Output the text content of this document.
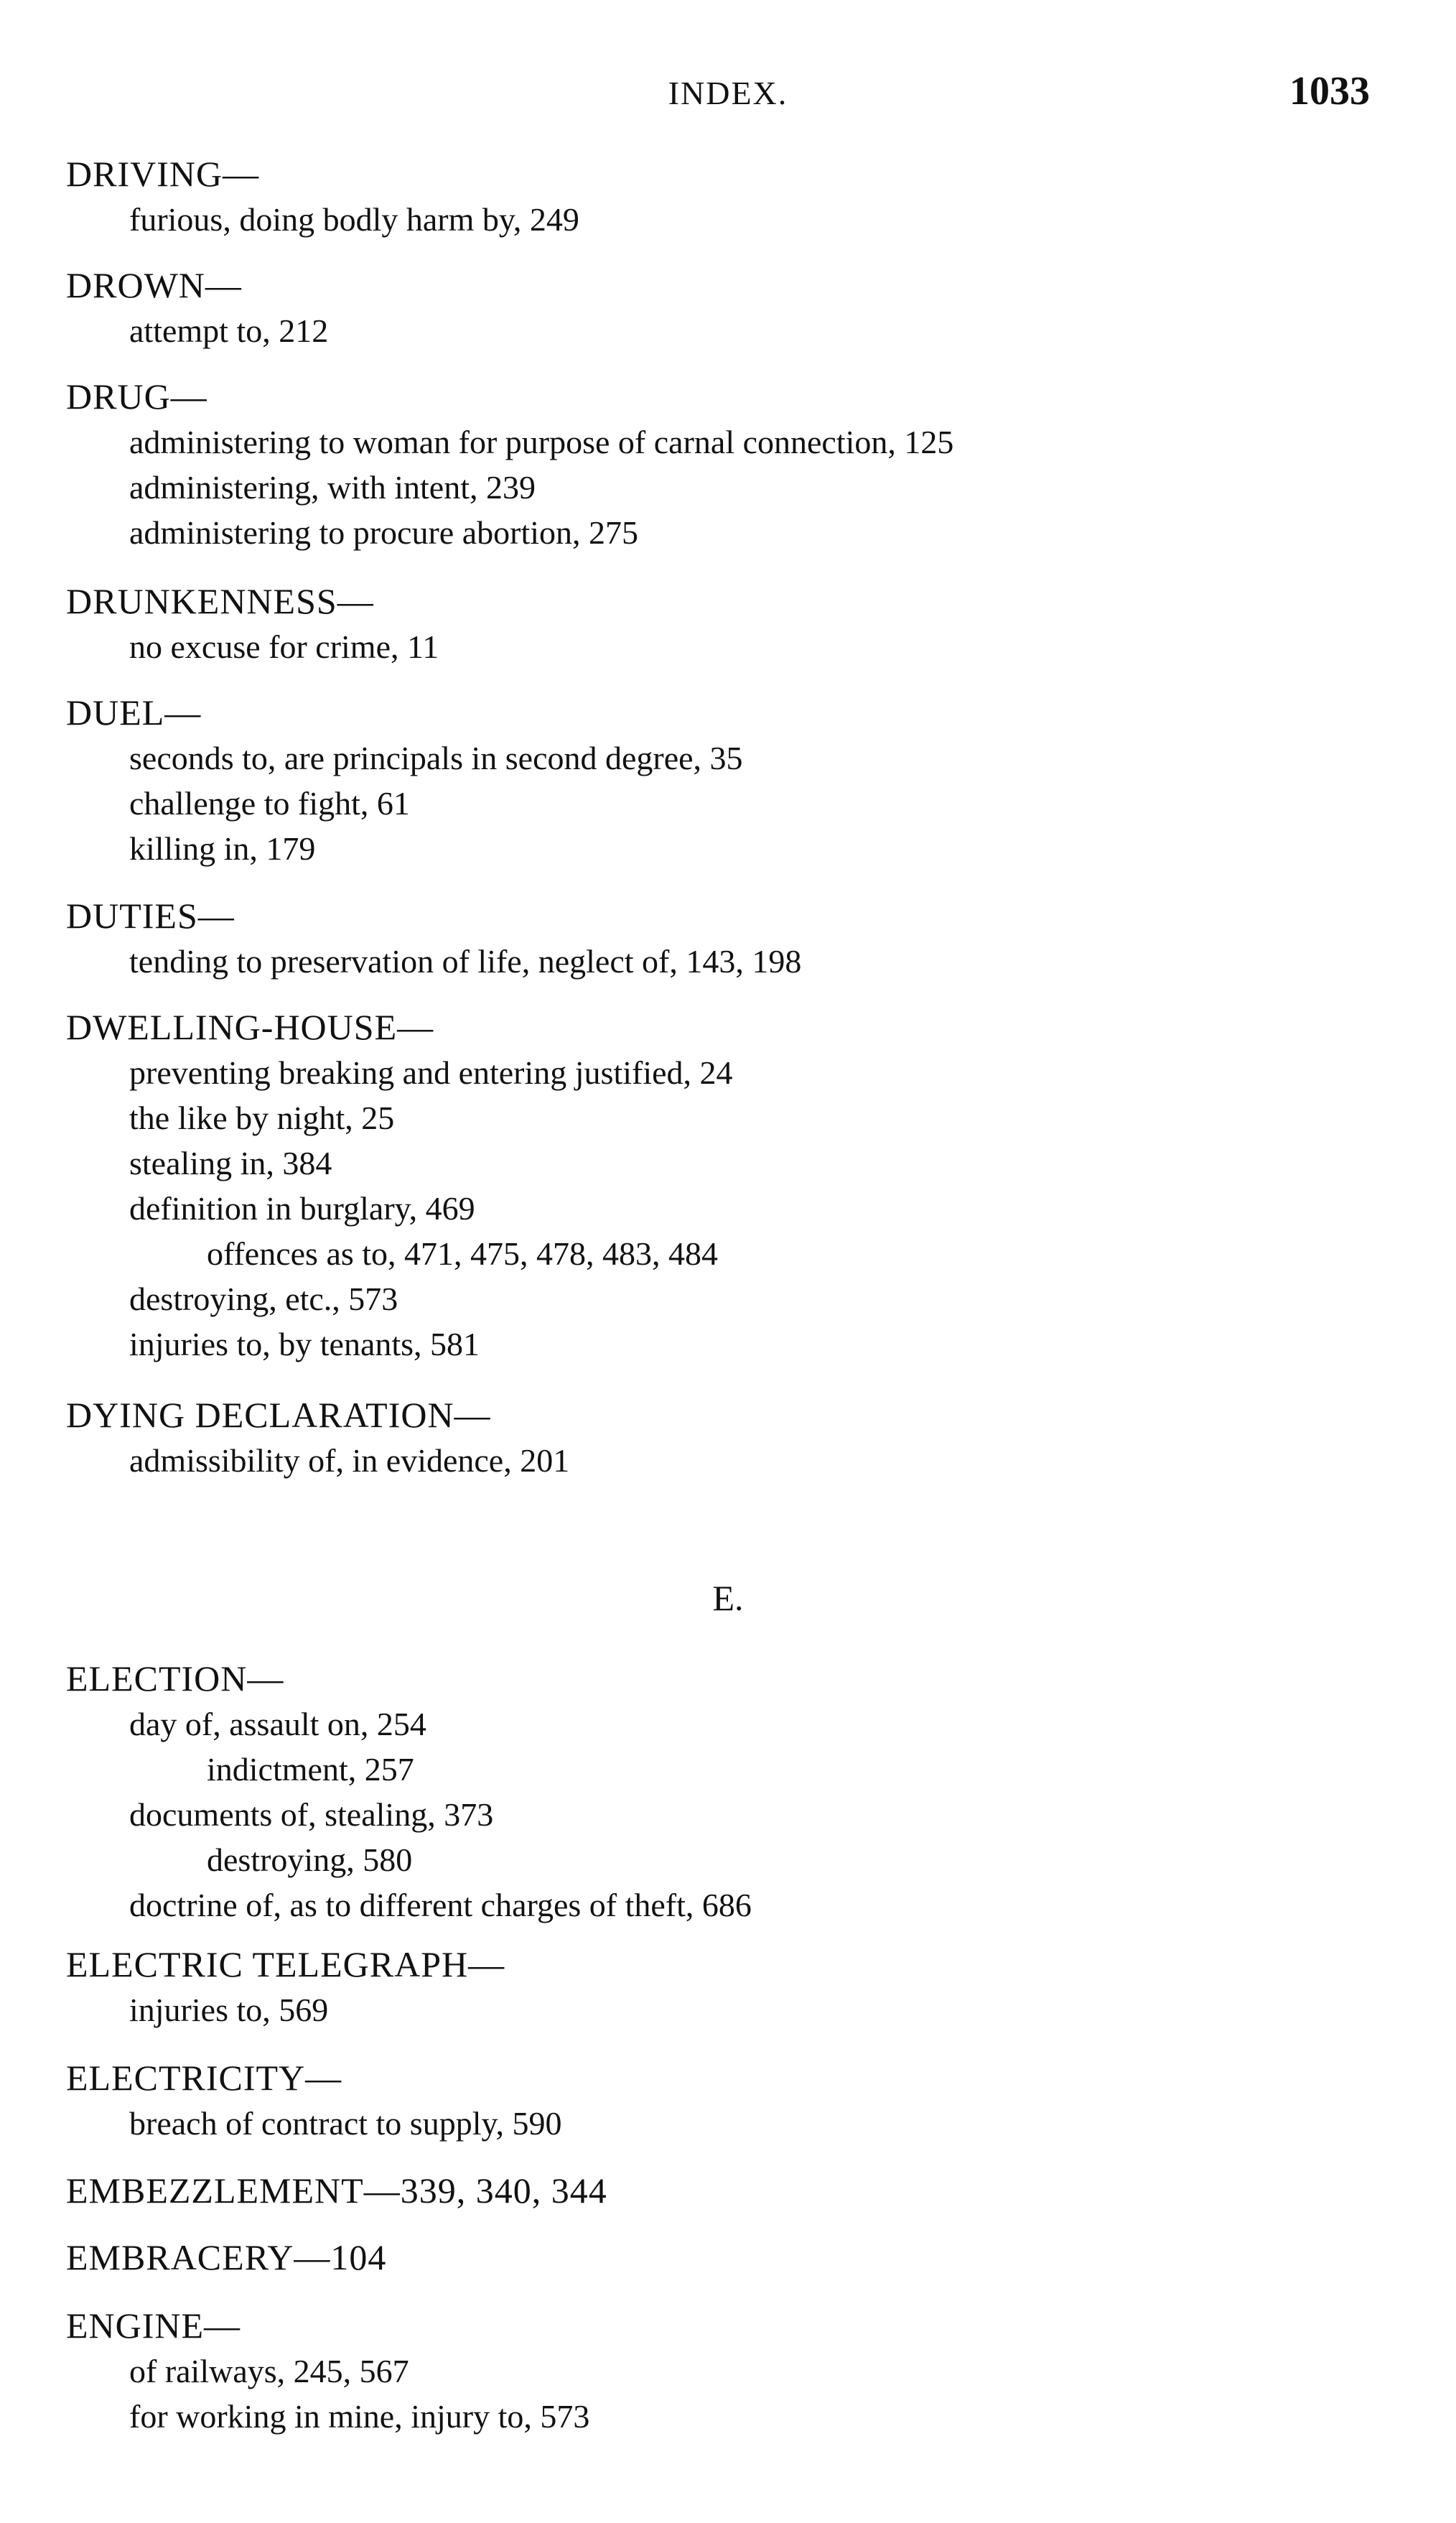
INDEX.	1033
DRIVING—
furious, doing bodly harm by, 249
DROWN—
attempt to, 212
DRUG—
administering to woman for purpose of carnal connection, 125
administering, with intent, 239
administering to procure abortion, 275
DRUNKENNESS—
no excuse for crime, 11
DUEL—
seconds to, are principals in second degree, 35
challenge to fight, 61
killing in, 179
DUTIES—
tending to preservation of life, neglect of, 143, 198
DWELLING-HOUSE—
preventing breaking and entering justified, 24
the like by night, 25
stealing in, 384
definition in burglary, 469
offences as to, 471, 475, 478, 483, 484
destroying, etc., 573
injuries to, by tenants, 581
DYING DECLARATION—
admissibility of, in evidence, 201
E.
ELECTION—
day of, assault on, 254
indictment, 257
documents of, stealing, 373
destroying, 580
doctrine of, as to different charges of theft, 686
ELECTRIC TELEGRAPH—
injuries to, 569
ELECTRICITY—
breach of contract to supply, 590
EMBEZZLEMENT—339, 340, 344
EMBRACERY—104
ENGINE—
of railways, 245, 567
for working in mine, injury to, 573
